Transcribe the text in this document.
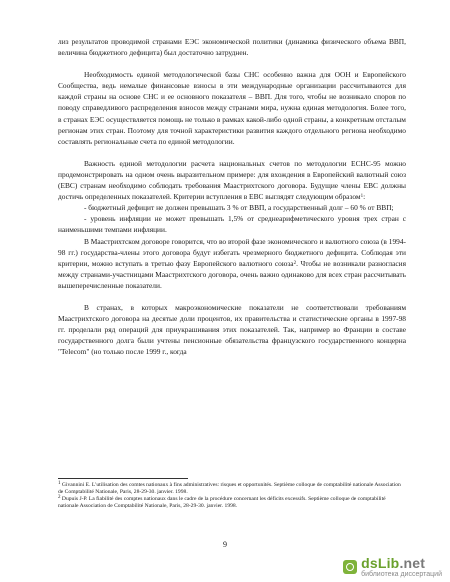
лиз результатов проводимой странами ЕЭС экономической политики (динамика физического объема ВВП, величина бюджетного дефицита) был достаточно затруднен.

Необходимость единой методологической базы СНС особенно важна для ООН и Европейского Сообщества, ведь немалые финансовые взносы в эти международные организации рассчитываются для каждой страны на основе СНС и ее основного показателя – ВВП. Для того, чтобы не возникало споров по поводу справедливого распределения взносов между странами мира, нужна единая методология. Более того, в странах ЕЭС осуществляется помощь не только в рамках какой-либо одной страны, а конкретным отсталым регионам этих стран. Поэтому для точной характеристики развития каждого отдельного региона необходимо составлять региональные счета по единой методологии.

Важность единой методологии расчета национальных счетов по методологии ЕСНС-95 можно продемонстрировать на одном очень выразительном примере: для вхождения в Европейский валютный союз (ЕВС) странам необходимо соблюдать требования Маастрихтского договора. Будущие члены ЕВС должны достичь определенных показателей. Критерии вступления в ЕВС выглядят следующим образом$^1$:

- бюджетный дефицит не должен превышать 3 % от ВВП, а государственный долг – 60 % от ВВП;

- уровень инфляции не может превышать 1,5% от среднеарифметического уровня трех стран с наименьшими темпами инфляции.

В Маастрихтском договоре говорится, что во второй фазе экономического и валютного союза (в 1994-98 гг.) государства-члены этого договора будут избегать чрезмерного бюджетного дефицита. Соблюдая эти критерии, можно вступать в третью фазу Европейского валютного союза$^2$. Чтобы не возникали разногласия между странами-участницами Маастрихтского договора, очень важно одинаково для всех стран рассчитывать вышеперечисленные показатели.

В странах, в которых макроэкономические показатели не соответствовали требованиям Маастрихтского договора на десятые доли процентов, их правительства и статистические органы в 1997-98 гг. проделали ряд операций для приукрашивания этих показателей. Так, например во Франции в составе государственного долга были учтены пенсионные обязательства французского государственного концерна "Telecom" (но только после 1999 г., когда

$^1$ Givannini E. L'utilisation des comtes nationaux à fins administratives: risques et opportunités. Septième colloque de comptabilité nationale Association de Comptabilité Nationale, Paris, 28-29-30. janvier. 1998.

$^2$ Dupuis J-P. La fiabilité des comptes nationaux dans le cadre de la procédure concernant les déficits excessifs. Septième colloque de comptabilité nationale Association de Comptabilité Nationale, Paris, 28-29-30. janvier. 1998.

9
dsLib.net
библиотека диссертаций
